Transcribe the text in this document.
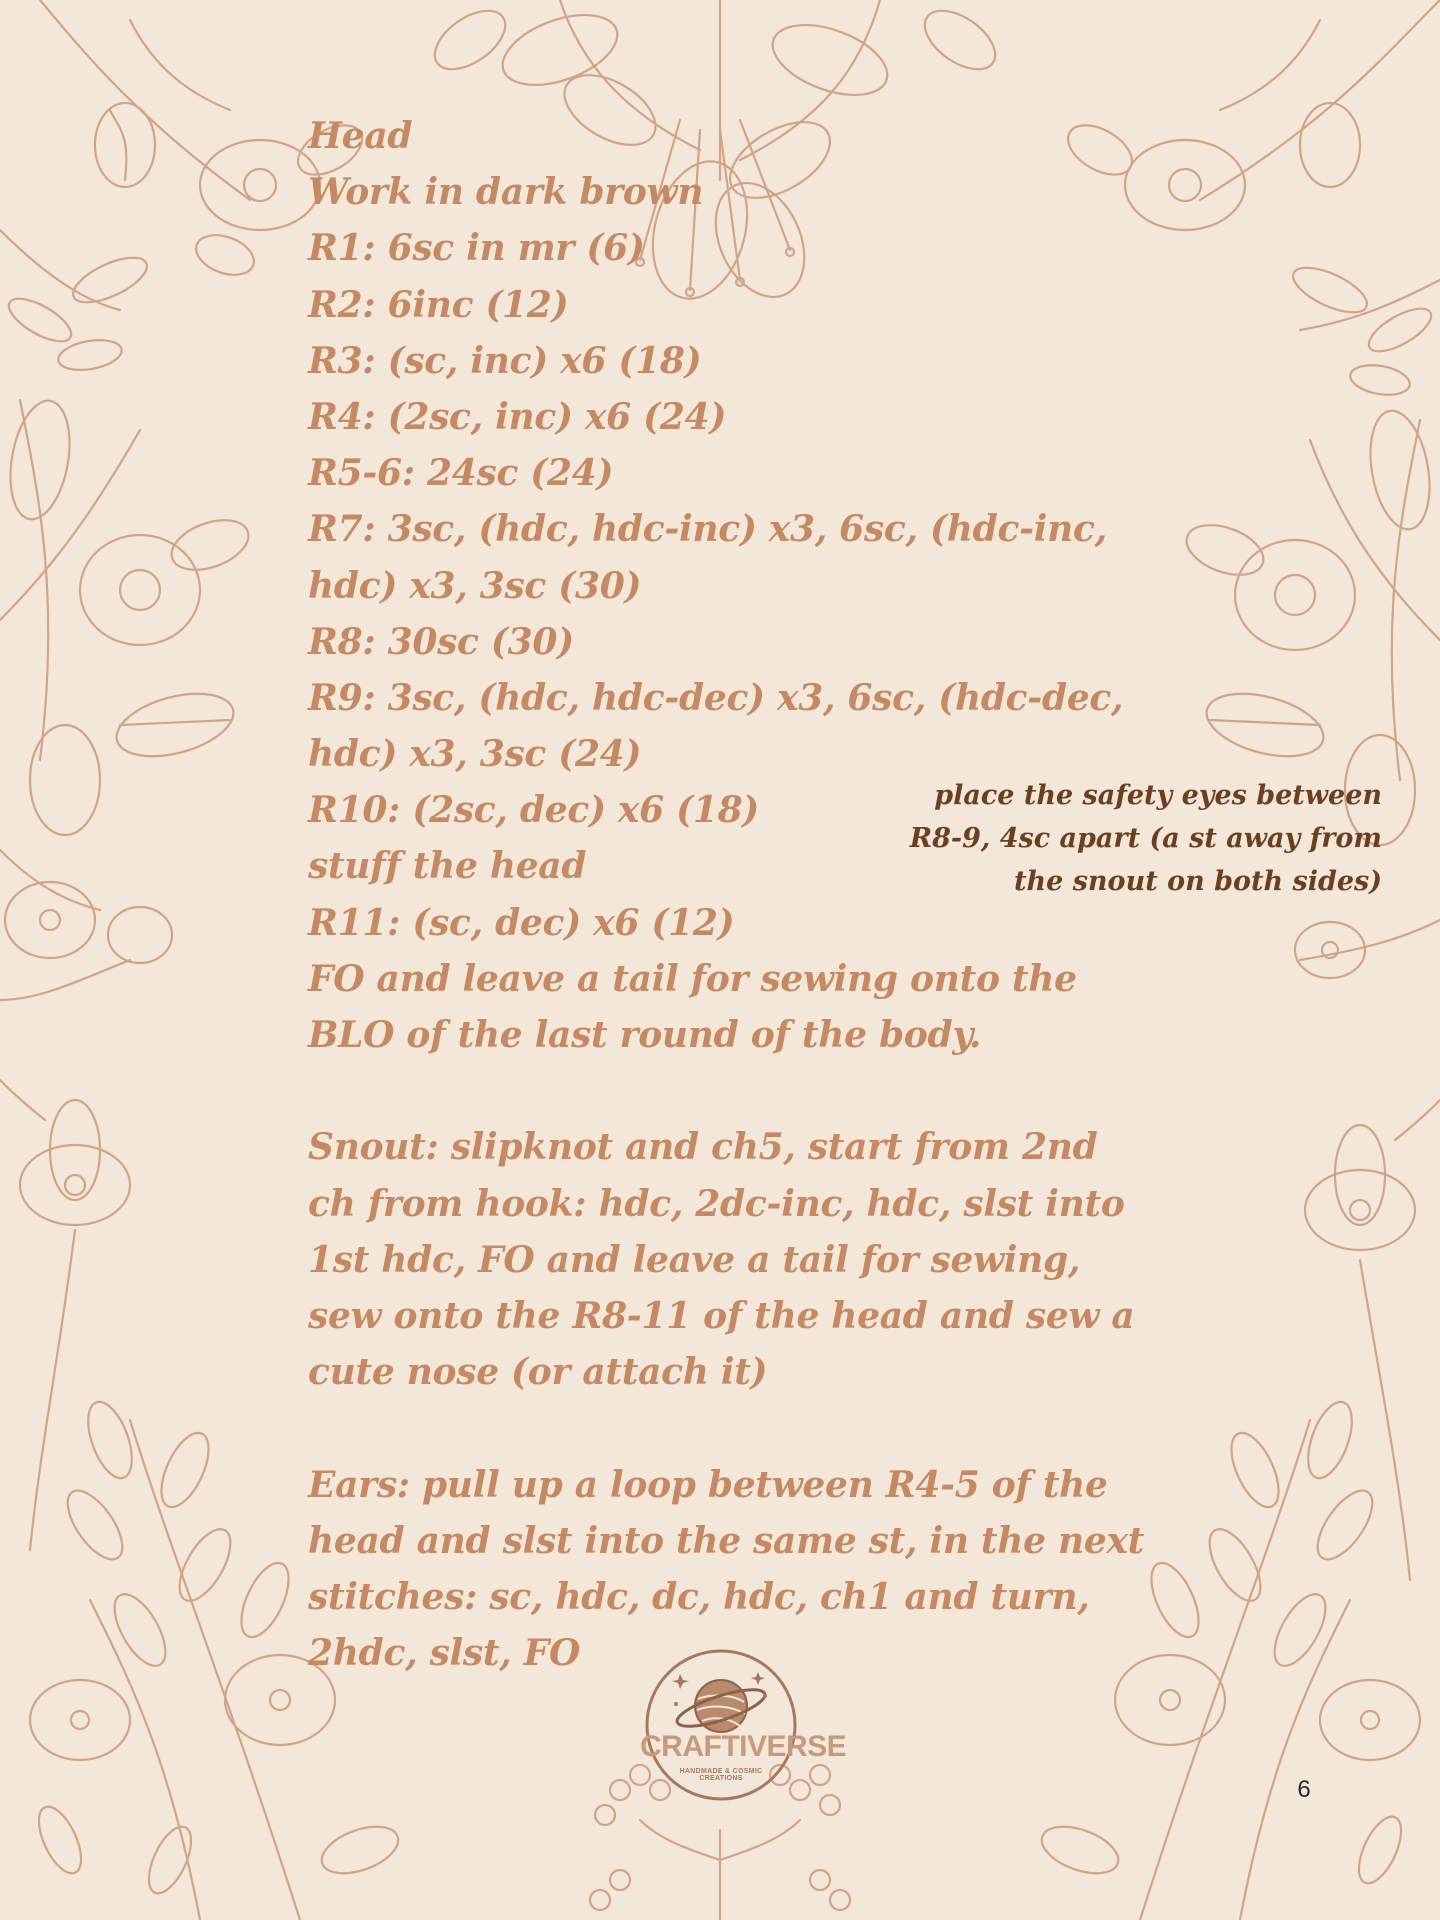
Head
Work in dark brown
R1: 6sc in mr (6)
R2: 6inc (12)
R3: (sc, inc) x6 (18)
R4: (2sc, inc) x6 (24)
R5-6: 24sc (24)
R7: 3sc, (hdc, hdc-inc) x3, 6sc, (hdc-inc,
hdc) x3, 3sc (30)
R8: 30sc (30)
R9: 3sc, (hdc, hdc-dec) x3, 6sc, (hdc-dec,
hdc) x3, 3sc (24)
R10: (2sc, dec) x6 (18)
stuff the head
R11: (sc, dec) x6 (12)
FO and leave a tail for sewing onto the
BLO of the last round of the body.
Snout: slipknot and ch5, start from 2nd
ch from hook: hdc, 2dc-inc, hdc, slst into
1st hdc, FO and leave a tail for sewing,
sew onto the R8-11 of the head and sew a
cute nose (or attach it)
Ears: pull up a loop between R4-5 of the
head and slst into the same st, in the next
stitches: sc, hdc, dc, hdc, ch1 and turn,
2hdc, slst, FO
place the safety eyes between
R8-9, 4sc apart (a st away from
the snout on both sides)
CRAFTIVERSE
HANDMADE & COSMIC CREATIONS	6
